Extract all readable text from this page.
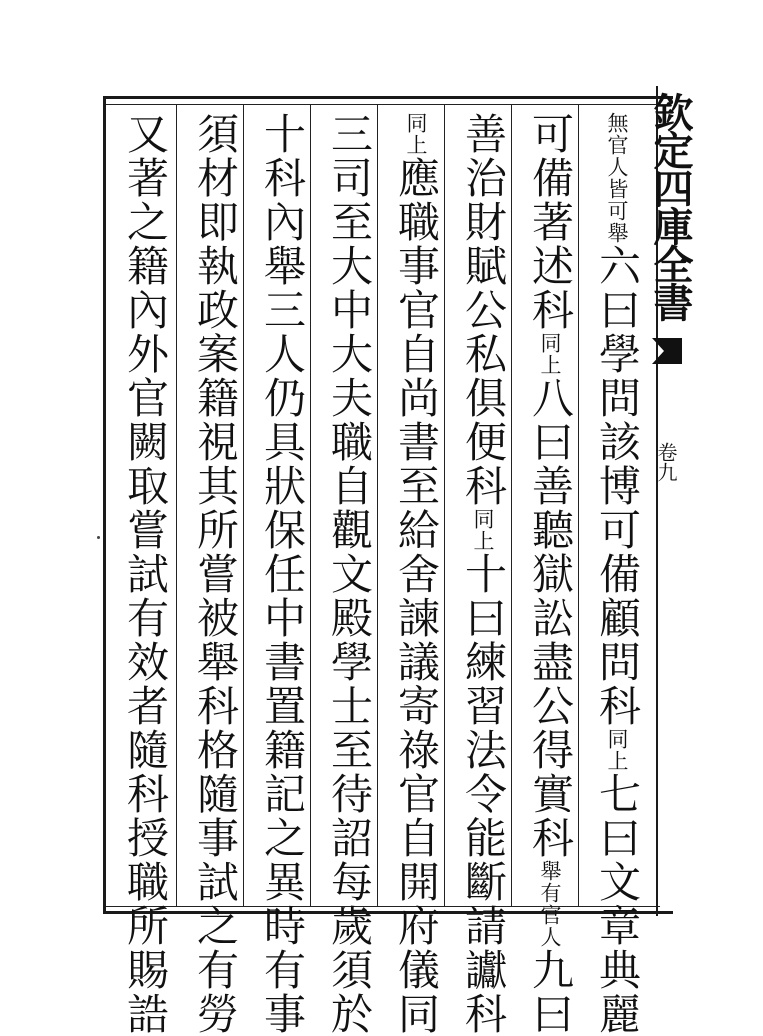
欽定四庫全書
卷九
無官人皆可舉六曰學問該博可備顧問科同上七曰文章典麗
可備著述科同上八曰善聽獄訟盡公得實科舉有官人九曰
善治財賦公私俱便科同上十曰練習法令能斷請讞科
同上應職事官自尚書至給舍諫議寄祿官自開府儀同
三司至大中大夫職自觀文殿學士至待詔每歲須於
十科內舉三人仍具狀保任中書置籍記之異時有事
須材即執政案籍視其所嘗被舉科格隨事試之有勞
又著之籍內外官闕取嘗試有效者隨科授職所賜誥
